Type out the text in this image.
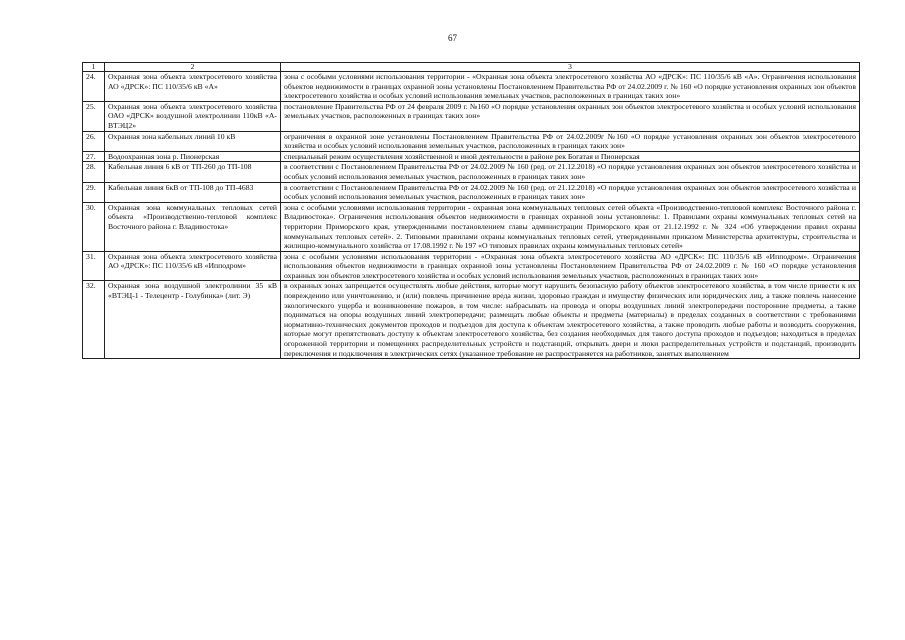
67
1	2	3
24.	Охранная зона объекта электросетевого хозяйства АО «ДРСК»: ПС 110/35/6 кВ «А»	зона с особыми условиями использования территории - «Охранная зона объекта электросетевого хозяйства АО «ДРСК»: ПС 110/35/6 кВ «А». Ограничения использования объектов недвижимости в границах охранной зоны установлены Постановлением Правительства РФ от 24.02.2009 г. № 160 «О порядке установления охранных зон объектов электросетевого хозяйства и особых условий использования земельных участков, расположенных в границах таких зон»
25.	Охранная зона объекта электросетевого хозяйства ОАО «ДРСК» воздушной электролинии 110кВ «А-ВТЭЦ2»	постановление Правительства РФ от 24 февраля 2009 г. №160 «О порядке установления охранных зон объектов электросетевого хозяйства и особых условий использования земельных участков, расположенных в границах таких зон»
26.	Охранная зона кабельных линий 10 кВ	ограничения в охранной зоне установлены Постановлением Правительства РФ от 24.02.2009г №160 «О порядке установления охранных зон объектов электросетевого хозяйства и особых условий использования земельных участков, расположенных в границах таких зон»
27.	Водоохранная зона р. Пионерская	специальный режим осуществления хозяйственной и иной деятельности в районе рек Богатая и Пионерская
28.	Кабельная линия 6 кВ от ТП-260 до ТП-108	в соответствии с Постановлением Правительства РФ от 24.02.2009 № 160 (ред. от 21.12.2018) «О порядке установления охранных зон объектов электросетевого хозяйства и особых условий использования земельных участков, расположенных в границах таких зон»
29.	Кабельная линия 6кВ от ТП-108 до ТП-4683	в соответствии с Постановлением Правительства РФ от 24.02.2009 № 160 (ред. от 21.12.2018) «О порядке установления охранных зон объектов электросетевого хозяйства и особых условий использования земельных участков, расположенных в границах таких зон»
30.	Охранная зона коммунальных тепловых сетей объекта «Производственно-тепловой комплекс Восточного района г. Владивостока»	зона с особыми условиями использования территории - охранная зона коммунальных тепловых сетей объекта «Производственно-тепловой комплекс Восточного района г. Владивостока». Ограничения использования объектов недвижимости в границах охранной зоны установлены: 1. Правилами охраны коммунальных тепловых сетей на территории Приморского края, утвержденными постановлением главы администрации Приморского края от 21.12.1992 г. № 324 «Об утверждении правил охраны коммунальных тепловых сетей». 2. Типовыми правилами охраны коммунальных тепловых сетей, утвержденными приказом Министерства архитектуры, строительства и жилищно-коммунального хозяйства от 17.08.1992 г. № 197 «О типовых правилах охраны коммунальных тепловых сетей»
31.	Охранная зона объекта электросетевого хозяйства АО «ДРСК»: ПС 110/35/6 кВ «Ипподром»	зона с особыми условиями использования территории - «Охранная зона объекта электросетевого хозяйства АО «ДРСК»: ПС 110/35/6 кВ «Ипподром». Ограничения использования объектов недвижимости в границах охранной зоны установлены Постановлением Правительства РФ от 24.02.2009 г. № 160 «О порядке установления охранных зон объектов электросетевого хозяйства и особых условий использования земельных участков, расположенных в границах таких зон»
32.	Охранная зона воздушной электролинии 35 кВ «ВТЭЦ-1 - Телецентр - Голубинка» (лит. Э)	в охранных зонах запрещается осуществлять любые действия, которые могут нарушить безопасную работу объектов электросетевого хозяйства, в том числе привести к их повреждению или уничтожению, и (или) повлечь причинение вреда жизни, здоровью граждан и имуществу физических или юридических лиц, а также повлечь нанесение экологического ущерба и возникновение пожаров, в том числе: набрасывать на провода и опоры воздушных линий электропередачи посторонние предметы, а также подниматься на опоры воздушных линий электропередачи; размещать любые объекты и предметы (материалы) в пределах созданных в соответствии с требованиями нормативно-технических документов проходов и подъездов для доступа к объектам электросетевого хозяйства, а также проводить любые работы и возводить сооружения, которые могут препятствовать доступу к объектам электросетевого хозяйства, без создания необходимых для такого доступа проходов и подъездов; находиться в пределах огороженной территории и помещениях распределительных устройств и подстанций, открывать двери и люки распределительных устройств и подстанций, производить переключения и подключения в электрических сетях (указанное требование не распространяется на работников, занятых выполнением
